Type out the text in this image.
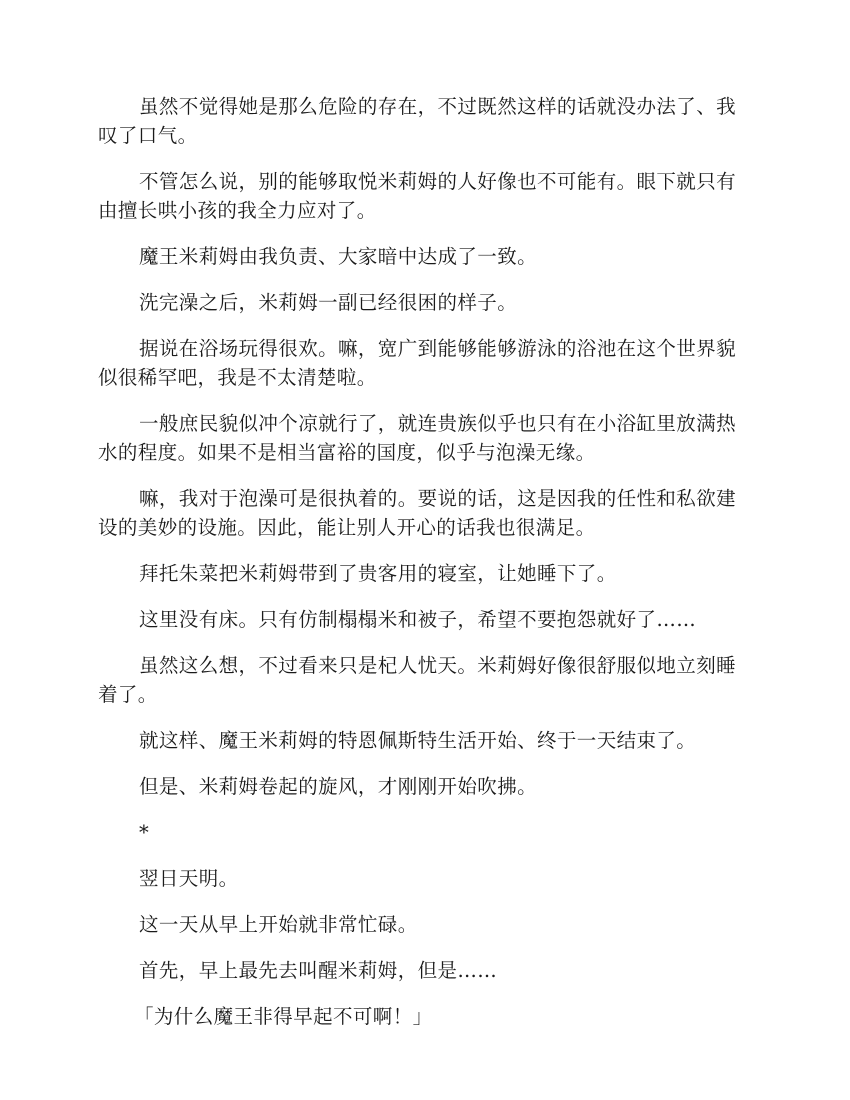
虽然不觉得她是那么危险的存在，不过既然这样的话就没办法了、我叹了口气。

不管怎么说，别的能够取悦米莉姆的人好像也不可能有。眼下就只有由擅长哄小孩的我全力应对了。

魔王米莉姆由我负责、大家暗中达成了一致。

洗完澡之后，米莉姆一副已经很困的样子。

据说在浴场玩得很欢。嘛，宽广到能够能够游泳的浴池在这个世界貌似很稀罕吧，我是不太清楚啦。

一般庶民貌似冲个凉就行了，就连贵族似乎也只有在小浴缸里放满热水的程度。如果不是相当富裕的国度，似乎与泡澡无缘。

嘛，我对于泡澡可是很执着的。要说的话，这是因我的任性和私欲建设的美妙的设施。因此，能让别人开心的话我也很满足。

拜托朱菜把米莉姆带到了贵客用的寝室，让她睡下了。

这里没有床。只有仿制榻榻米和被子，希望不要抱怨就好了……

虽然这么想，不过看来只是杞人忧天。米莉姆好像很舒服似地立刻睡着了。

就这样、魔王米莉姆的特恩佩斯特生活开始、终于一天结束了。

但是、米莉姆卷起的旋风，才刚刚开始吹拂。

*

翌日天明。

这一天从早上开始就非常忙碌。

首先，早上最先去叫醒米莉姆，但是……

「为什么魔王非得早起不可啊！」
